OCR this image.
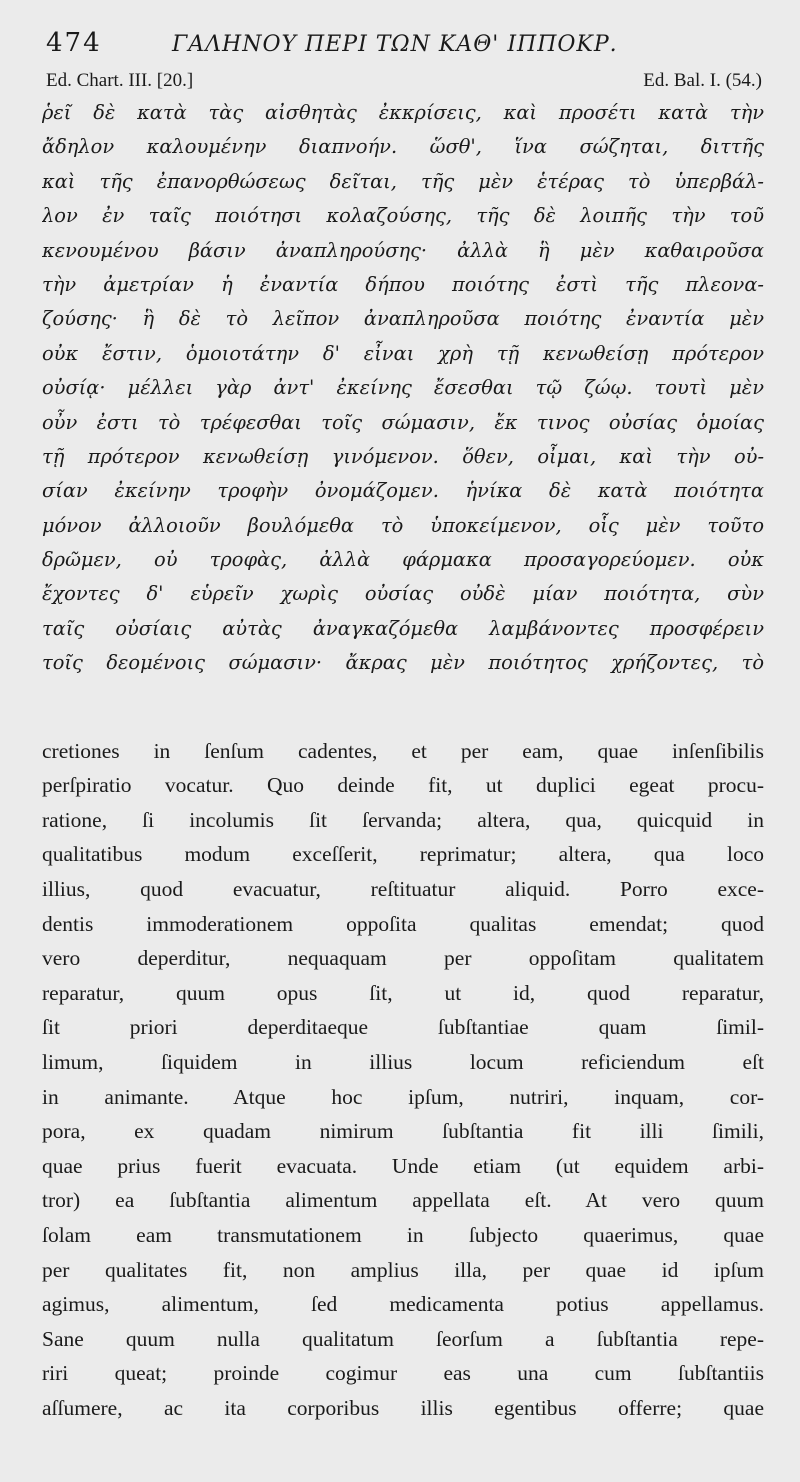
474	ΓΑΛΗΝΟΥ ΠΕΡΙ ΤΩΝ ΚΑΘ' ΙΠΠΟΚΡ.
Ed. Chart. III. [20.]	Ed. Bal. I. (54.)
ῥεῖ δὲ κατὰ τὰς αἰσθητὰς ἐκκρίσεις, καὶ προσέτι κατὰ τὴν
ἄδηλον καλουμένην διαπνοήν. ὥσθ', ἵνα σώζηται, διττῆς
καὶ τῆς ἐπανορθώσεως δεῖται, τῆς μὲν ἑτέρας τὸ ὑπερβάλ-
λον ἐν ταῖς ποιότησι κολαζούσης, τῆς δὲ λοιπῆς τὴν τοῦ
κενουμένου βάσιν ἀναπληρούσης· ἀλλὰ ἣ μὲν καθαιροῦσα
τὴν ἀμετρίαν ἡ ἐναντία δήπου ποιότης ἐστὶ τῆς πλεονα-
ζούσης· ἣ δὲ τὸ λεῖπον ἀναπληροῦσα ποιότης ἐναντία μὲν
οὐκ ἔστιν, ὁμοιοτάτην δ' εἶναι χρὴ τῇ κενωθείσῃ πρότερον
οὐσίᾳ· μέλλει γὰρ ἀντ' ἐκείνης ἔσεσθαι τῷ ζώῳ. τουτὶ μὲν
οὖν ἐστι τὸ τρέφεσθαι τοῖς σώμασιν, ἔκ τινος οὐσίας ὁμοίας
τῇ πρότερον κενωθείσῃ γινόμενον. ὅθεν, οἶμαι, καὶ τὴν οὐ-
σίαν ἐκείνην τροφὴν ὀνομάζομεν. ἡνίκα δὲ κατὰ ποιότητα
μόνον ἀλλοιοῦν βουλόμεθα τὸ ὑποκείμενον, οἷς μὲν τοῦτο
δρῶμεν, οὐ τροφὰς, ἀλλὰ φάρμακα προσαγορεύομεν. οὐκ
ἔχοντες δ' εὑρεῖν χωρὶς οὐσίας οὐδὲ μίαν ποιότητα, σὺν
ταῖς οὐσίαις αὐτὰς ἀναγκαζόμεθα λαμβάνοντες προσφέρειν
τοῖς δεομένοις σώμασιν· ἄκρας μὲν ποιότητος χρήζοντες, τὸ
cretiones in ſenſum cadentes, et per eam, quae inſenſibilis
perſpiratio vocatur. Quo deinde fit, ut duplici egeat procu-
ratione, ſi incolumis ſit ſervanda; altera, qua, quicquid in
qualitatibus modum exceſſerit, reprimatur; altera, qua loco
illius, quod evacuatur, reſtituatur aliquid. Porro exce-
dentis immoderationem oppoſita qualitas emendat; quod
vero deperditur, nequaquam per oppoſitam qualitatem
reparatur, quum opus ſit, ut id, quod reparatur,
ſit priori deperditaeque ſubſtantiae quam ſimil-
limum, ſiquidem in illius locum reficiendum eſt
in animante. Atque hoc ipſum, nutriri, inquam, cor-
pora, ex quadam nimirum ſubſtantia fit illi ſimili,
quae prius fuerit evacuata. Unde etiam (ut equidem arbi-
tror) ea ſubſtantia alimentum appellata eſt. At vero quum
ſolam eam transmutationem in ſubjecto quaerimus, quae
per qualitates fit, non amplius illa, per quae id ipſum
agimus, alimentum, ſed medicamenta potius appellamus.
Sane quum nulla qualitatum ſeorſum a ſubſtantia repe-
riri queat; proinde cogimur eas una cum ſubſtantiis
aſſumere, ac ita corporibus illis egentibus offerre; quae
